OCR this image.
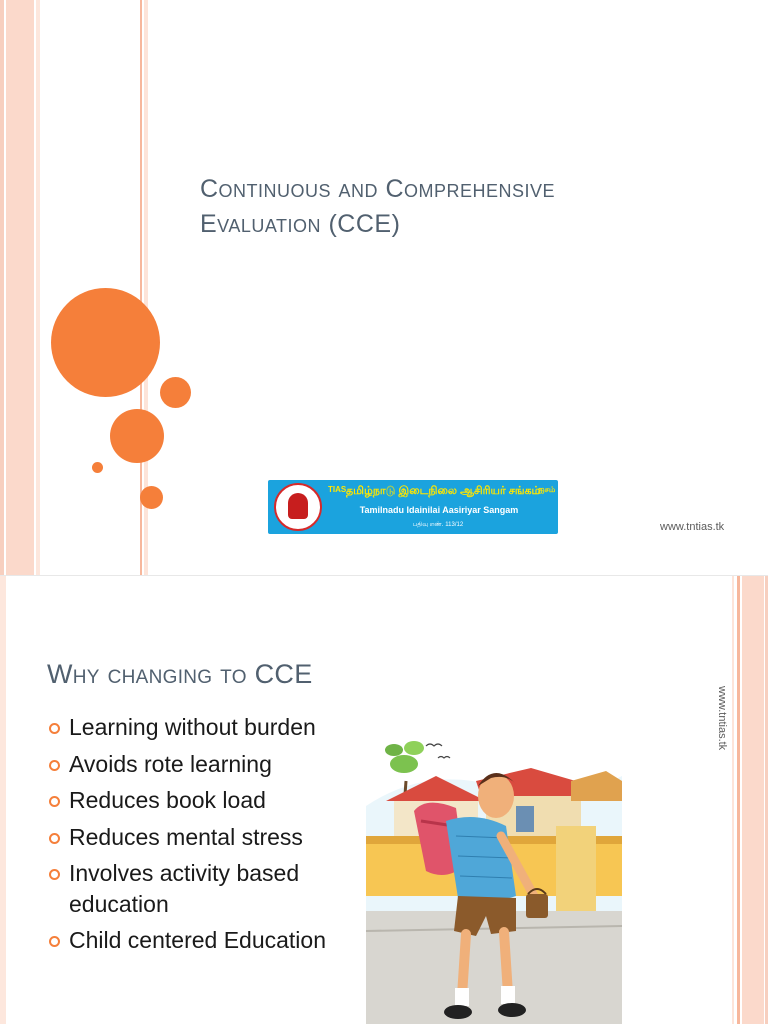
Continuous and Comprehensive
Evaluation (CCE)
TIAS	ஐசம்
தமிழ்நாடு இடைநிலை ஆசிரியர் சங்கம்
Tamilnadu Idainilai Aasiriyar Sangam
பதிவு எண். 113/12	www.tntias.tk
Why changing to CCE
Learning without burden
Avoids rote learning
Reduces book load
Reduces mental stress
Involves activity based education
Child centered Education
www.tntias.tk
